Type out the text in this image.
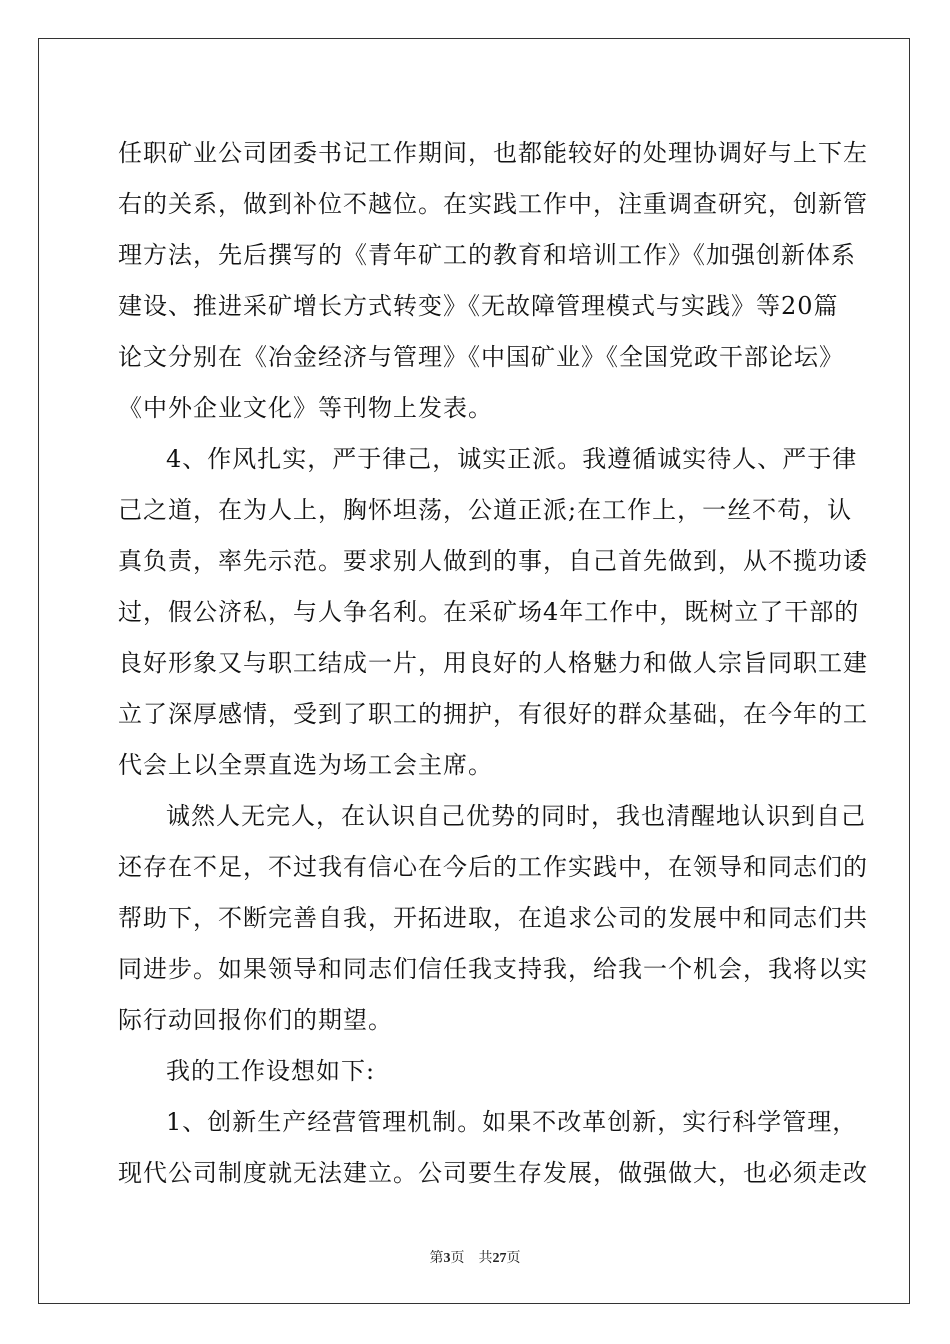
任职矿业公司团委书记工作期间，也都能较好的处理协调好与上下左
右的关系，做到补位不越位。在实践工作中，注重调查研究，创新管
理方法，先后撰写的《青年矿工的教育和培训工作》《加强创新体系
建设、推进采矿增长方式转变》《无故障管理模式与实践》等20篇
论文分别在《冶金经济与管理》《中国矿业》《全国党政干部论坛》
《中外企业文化》等刊物上发表。
4、作风扎实，严于律己，诚实正派。我遵循诚实待人、严于律
己之道，在为人上，胸怀坦荡，公道正派;在工作上，一丝不苟，认
真负责，率先示范。要求别人做到的事，自己首先做到，从不揽功诿
过，假公济私，与人争名利。在采矿场4年工作中，既树立了干部的
良好形象又与职工结成一片，用良好的人格魅力和做人宗旨同职工建
立了深厚感情，受到了职工的拥护，有很好的群众基础，在今年的工
代会上以全票直选为场工会主席。
诚然人无完人，在认识自己优势的同时，我也清醒地认识到自己
还存在不足，不过我有信心在今后的工作实践中，在领导和同志们的
帮助下，不断完善自我，开拓进取，在追求公司的发展中和同志们共
同进步。如果领导和同志们信任我支持我，给我一个机会，我将以实
际行动回报你们的期望。
我的工作设想如下:
1、创新生产经营管理机制。如果不改革创新，实行科学管理，
现代公司制度就无法建立。公司要生存发展，做强做大，也必须走改
第3页 共27页
